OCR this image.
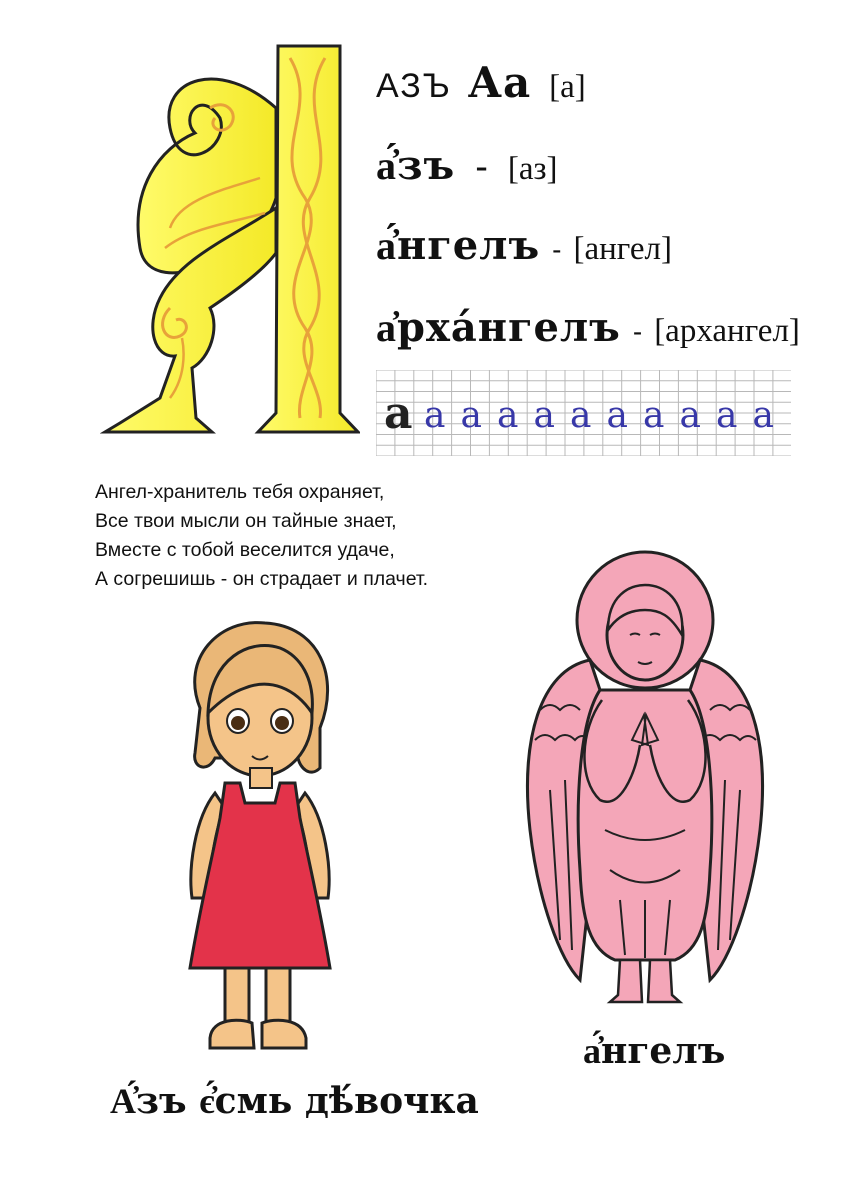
АЗЪ Аа [а]
а҆́зъ - [аз]
а҆́нгелъ - [ангел]
а҆рха́нгелъ - [архангел]
а а а а а а а а а а а
Ангел-хранитель тебя охраняет,
Все твои мысли он тайные знает,
Вместе с тобой веселится удаче,
А согрешишь - он страдает и плачет.
А҆́зъ є҆́смь дѣ́вочка
а҆́нгелъ
